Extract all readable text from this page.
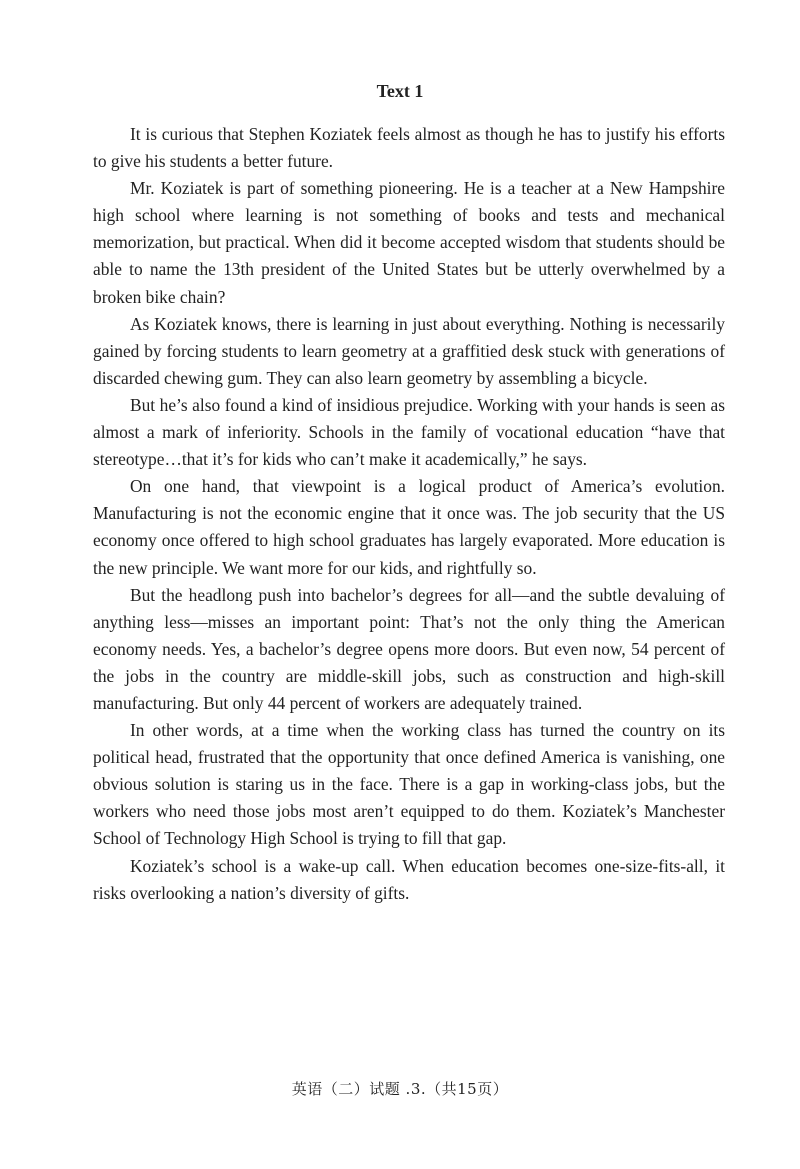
Text 1

It is curious that Stephen Koziatek feels almost as though he has to justify his efforts to give his students a better future.

Mr. Koziatek is part of something pioneering. He is a teacher at a New Hampshire high school where learning is not something of books and tests and mechanical memorization, but practical. When did it become accepted wisdom that students should be able to name the 13th president of the United States but be utterly overwhelmed by a broken bike chain?

As Koziatek knows, there is learning in just about everything. Nothing is necessarily gained by forcing students to learn geometry at a graffitied desk stuck with generations of discarded chewing gum. They can also learn geometry by assembling a bicycle.

But he’s also found a kind of insidious prejudice. Working with your hands is seen as almost a mark of inferiority. Schools in the family of vocational education “have that stereotype…that it’s for kids who can’t make it academically,” he says.

On one hand, that viewpoint is a logical product of America’s evolution. Manufacturing is not the economic engine that it once was. The job security that the US economy once offered to high school graduates has largely evaporated. More education is the new principle. We want more for our kids, and rightfully so.

But the headlong push into bachelor’s degrees for all—and the subtle devaluing of anything less—misses an important point: That’s not the only thing the American economy needs. Yes, a bachelor’s degree opens more doors. But even now, 54 percent of the jobs in the country are middle-skill jobs, such as construction and high-skill manufacturing. But only 44 percent of workers are adequately trained.

In other words, at a time when the working class has turned the country on its political head, frustrated that the opportunity that once defined America is vanishing, one obvious solution is staring us in the face. There is a gap in working-class jobs, but the workers who need those jobs most aren’t equipped to do them. Koziatek’s Manchester School of Technology High School is trying to fill that gap.

Koziatek’s school is a wake-up call. When education becomes one-size-fits-all, it risks overlooking a nation’s diversity of gifts.

英语（二）试题 .3.（共15页）
